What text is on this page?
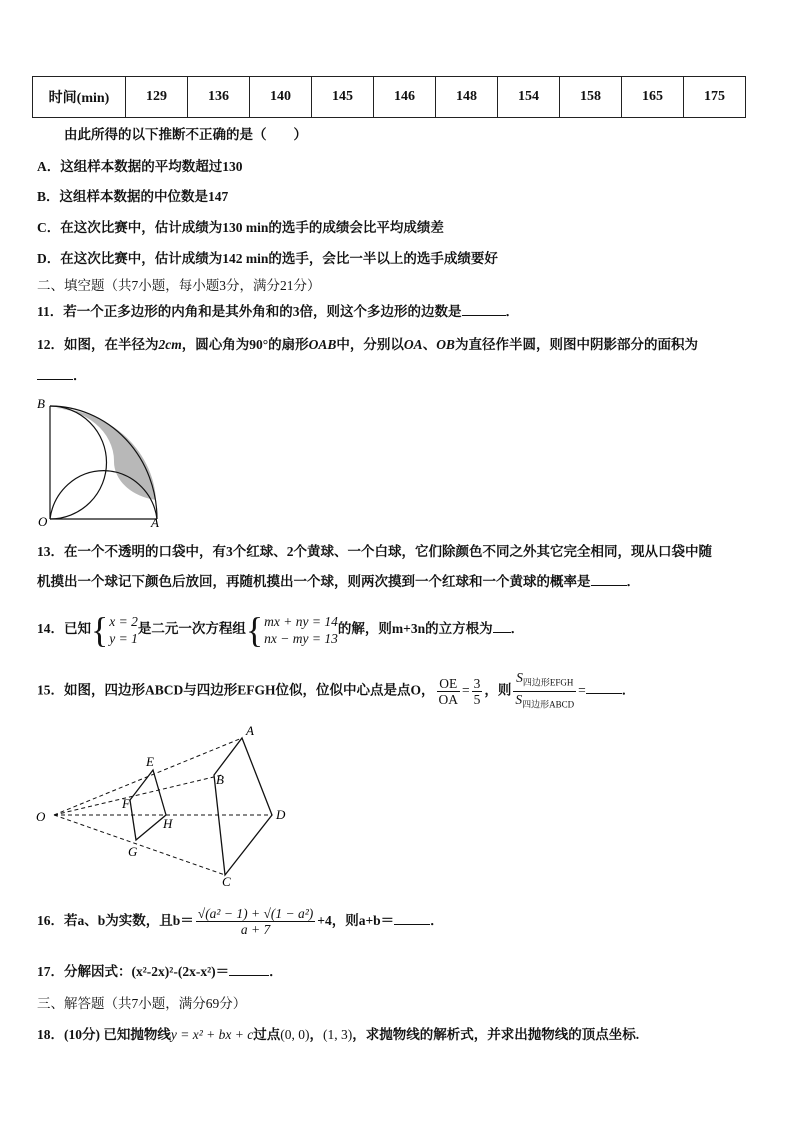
时间(min)	129	136	140	145	146	148	154	158	165	175
由此所得的以下推断不正确的是（　　）
A．这组样本数据的平均数超过130
B．这组样本数据的中位数是147
C．在这次比赛中，估计成绩为130 min的选手的成绩会比平均成绩差
D．在这次比赛中，估计成绩为142 min的选手，会比一半以上的选手成绩要好
二、填空题（共7小题，每小题3分，满分21分）
11．若一个正多边形的内角和是其外角和的3倍，则这个多边形的边数是	．
12．如图，在半径为2cm，圆心角为90°的扇形OAB中，分别以OA、OB为直径作半圆，则图中阴影部分的面积为
．
B
O	A
13．在一个不透明的口袋中，有3个红球、2个黄球、一个白球，它们除颜色不同之外其它完全相同，现从口袋中随
机摸出一个球记下颜色后放回，再随机摸出一个球，则两次摸到一个红球和一个黄球的概率是	．
14．已知{ x = 2
y = 1
是二元一次方程组{ mx + ny = 14
nx − my = 13
的解，则m+3n的立方根为 ．
15．如图，四边形ABCD与四边形EFGH位似，位似中心点是点O， $\frac{OE}{OA} = \frac{3}{5}$ ，则 $\frac{S_{四边形EFGH}}{S_{四边形ABCD}}$ =	．
O
A
B
C
D
E
F
G
H
16．若a、b为实数，且$b= \frac{\text{√(a² − 1) + √(1 − a²)}}{a + 7} +4$，则a+b＝	．
17．分解因式：(x²-2x)²-(2x-x²)＝	．
三、解答题（共7小题，满分69分）
18．(10分) 已知抛物线y = x² + bx + c过点(0, 0)，(1, 3)，求抛物线的解析式，并求出抛物线的顶点坐标.
